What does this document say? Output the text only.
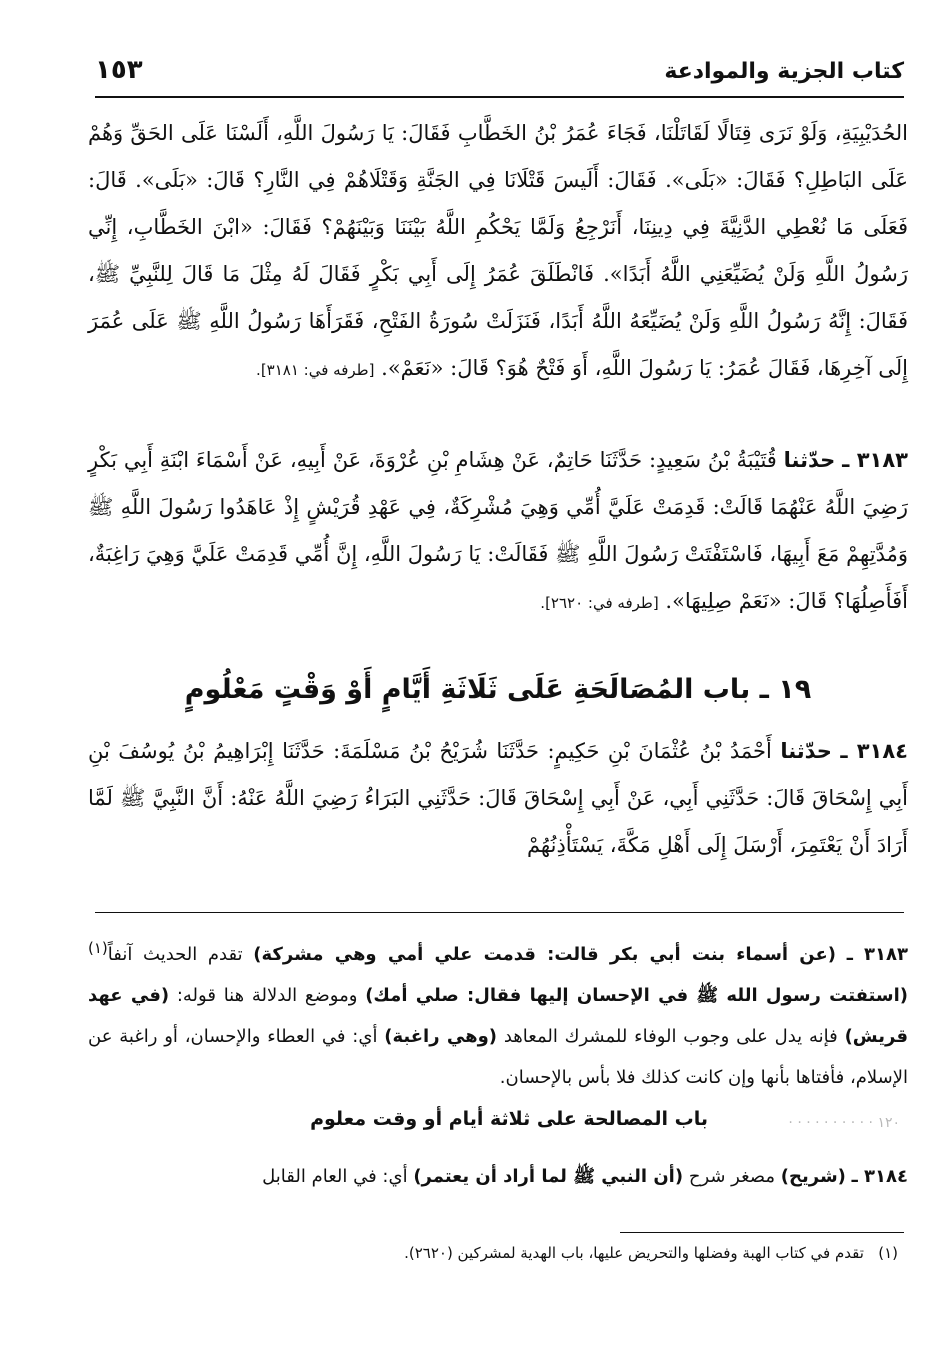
كتاب الجزية والموادعة
١٥٣

الحُدَيْبِيَةِ، وَلَوْ نَرَى قِتَالًا لَقَاتَلْنَا، فَجَاءَ عُمَرُ بْنُ الخَطَّابِ فَقَالَ: يَا رَسُولَ اللَّهِ، أَلَسْنَا عَلَى الحَقِّ وَهُمْ عَلَى البَاطِلِ؟ فَقَالَ: «بَلَى». فَقَالَ: أَلَيسَ قَتْلَانَا فِي الجَنَّةِ وَقَتْلَاهُمْ فِي النَّارِ؟ قَالَ: «بَلَى». قَالَ: فَعَلَى مَا نُعْطِي الدَّنِيَّةَ فِي دِينِنَا، أَنَرْجِعُ وَلَمَّا يَحْكُمِ اللَّهُ بَيْنَنَا وَبَيْنَهُمْ؟ فَقَالَ: «ابْنَ الخَطَّابِ، إِنِّي رَسُولُ اللَّهِ وَلَنْ يُضَيِّعَنِي اللَّهُ أَبَدًا». فَانْطَلَقَ عُمَرُ إِلَى أَبِي بَكْرٍ فَقَالَ لَهُ مِثْلَ مَا قَالَ لِلنَّبِيِّ ﷺ، فَقَالَ: إِنَّهُ رَسُولُ اللَّهِ وَلَنْ يُضَيِّعَهُ اللَّهُ أَبَدًا، فَنَزَلَتْ سُورَةُ الفَتْحِ، فَقَرَأَهَا رَسُولُ اللَّهِ ﷺ عَلَى عُمَرَ إِلَى آخِرِهَا، فَقَالَ عُمَرُ: يَا رَسُولَ اللَّهِ، أَوَ فَتْحٌ هُوَ؟ قَالَ: «نَعَمْ». [طرفه في: ٣١٨١].

٣١٨٣ ـ حدّثنا قُتَيْبَةُ بْنُ سَعِيدٍ: حَدَّثَنَا حَاتِمٌ، عَنْ هِشَامِ بْنِ عُرْوَةَ، عَنْ أَبِيهِ، عَنْ أَسْمَاءَ ابْنَةِ أَبِي بَكْرٍ رَضِيَ اللَّهُ عَنْهُمَا قَالَتْ: قَدِمَتْ عَلَيَّ أُمِّي وَهِيَ مُشْرِكَةٌ، فِي عَهْدِ قُرَيْشٍ إِذْ عَاهَدُوا رَسُولَ اللَّهِ ﷺ وَمُدَّتِهِمْ مَعَ أَبِيهَا، فَاسْتَفْتَتْ رَسُولَ اللَّهِ ﷺ فَقَالَتْ: يَا رَسُولَ اللَّهِ، إِنَّ أُمِّي قَدِمَتْ عَلَيَّ وَهِيَ رَاغِبَةٌ، أَفَأَصِلُهَا؟ قَالَ: «نَعَمْ صِلِيهَا». [طرفه في: ٢٦٢٠].

١٩ ـ باب المُصَالَحَةِ عَلَى ثَلَاثَةِ أَيَّامٍ أَوْ وَقْتٍ مَعْلُومٍ

٣١٨٤ ـ حدّثنا أَحْمَدُ بْنُ عُثْمَانَ بْنِ حَكِيمٍ: حَدَّثَنَا شُرَيْحُ بْنُ مَسْلَمَةَ: حَدَّثَنَا إِبْرَاهِيمُ بْنُ يُوسُفَ بْنِ أَبِي إِسْحَاقَ قَالَ: حَدَّثَنِي أَبِي، عَنْ أَبِي إِسْحَاقَ قَالَ: حَدَّثَنِي البَرَاءُ رَضِيَ اللَّهُ عَنْهُ: أَنَّ النَّبِيَّ ﷺ لَمَّا أَرَادَ أَنْ يَعْتَمِرَ، أَرْسَلَ إِلَى أَهْلِ مَكَّةَ، يَسْتَأْذِنُهُمْ

٣١٨٣ ـ (عن أسماء بنت أبي بكر قالت: قدمت علي أمي وهي مشركة) تقدم الحديث آنفاً$^{(١)}$ (استفتت رسول الله ﷺ في الإحسان إليها فقال: صلي أمك) وموضع الدلالة هنا قوله: (في عهد قريش) فإنه يدل على وجوب الوفاء للمشرك المعاهد (وهي راغبة) أي: في العطاء والإحسان، أو راغبة عن الإسلام، فأفتاها بأنها وإن كانت كذلك فلا بأس بالإحسان.

١٢٠ · · · · · · · · · ·
باب المصالحة على ثلاثة أيام أو وقت معلوم

٣١٨٤ ـ (شريح) مصغر شرح (أن النبي ﷺ لما أراد أن يعتمر) أي: في العام القابل

(١)   تقدم في كتاب الهبة وفضلها والتحريض عليها، باب الهدية لمشركين (٢٦٢٠).
